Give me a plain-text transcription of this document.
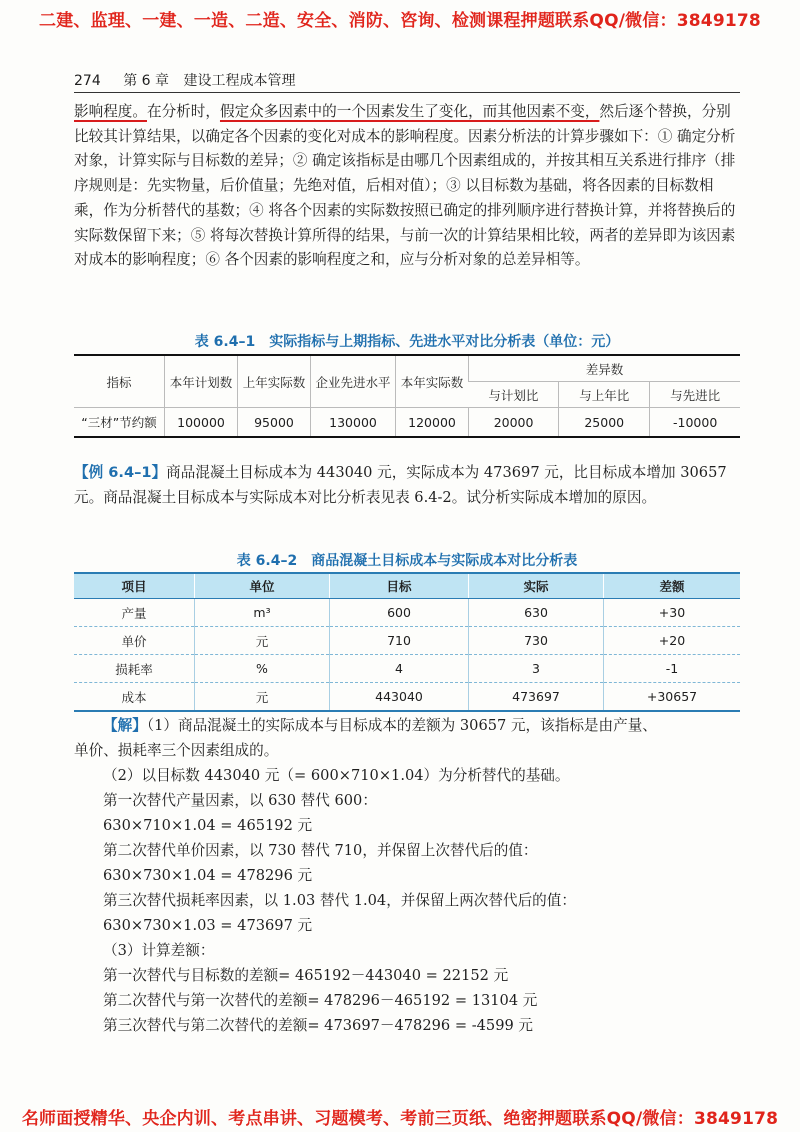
二建、监理、一建、一造、二造、安全、消防、咨询、检测课程押题联系QQ/微信：3849178
274 第 6 章 建设工程成本管理
影响程度。在分析时，假定众多因素中的一个因素发生了变化，而其他因素不变，然后逐个替换，分别比较其计算结果，以确定各个因素的变化对成本的影响程度。因素分析法的计算步骤如下：① 确定分析对象，计算实际与目标数的差异；② 确定该指标是由哪几个因素组成的，并按其相互关系进行排序（排序规则是：先实物量，后价值量；先绝对值，后相对值）；③ 以目标数为基础，将各因素的目标数相乘，作为分析替代的基数；④ 将各个因素的实际数按照已确定的排列顺序进行替换计算，并将替换后的实际数保留下来；⑤ 将每次替换计算所得的结果，与前一次的计算结果相比较，两者的差异即为该因素对成本的影响程度；⑥ 各个因素的影响程度之和，应与分析对象的总差异相等。
表 6.4–1　实际指标与上期指标、先进水平对比分析表（单位：元）
指标	本年计划数	上年实际数	企业先进水平	本年实际数	差异数		
					与计划比	与上年比	与先进比
“三材”节约额	100000	95000	130000	120000	20000	25000	-10000
【例 6.4–1】商品混凝土目标成本为 443040 元，实际成本为 473697 元，比目标成本增加 30657 元。商品混凝土目标成本与实际成本对比分析表见表 6.4-2。试分析实际成本增加的原因。
表 6.4–2　商品混凝土目标成本与实际成本对比分析表
项目	单位	目标	实际	差额
产量	m³	600	630	+30
单价	元	710	730	+20
损耗率	%	4	3	-1
成本	元	443040	473697	+30657
【解】（1）商品混凝土的实际成本与目标成本的差额为 30657 元，该指标是由产量、
单价、损耗率三个因素组成的。
（2）以目标数 443040 元（= 600×710×1.04）为分析替代的基础。
第一次替代产量因素，以 630 替代 600：
630×710×1.04 = 465192 元
第二次替代单价因素，以 730 替代 710，并保留上次替代后的值：
630×730×1.04 = 478296 元
第三次替代损耗率因素，以 1.03 替代 1.04，并保留上两次替代后的值：
630×730×1.03 = 473697 元
（3）计算差额：
第一次替代与目标数的差额= 465192－443040 = 22152 元
第二次替代与第一次替代的差额= 478296－465192 = 13104 元
第三次替代与第二次替代的差额= 473697－478296 = -4599 元
名师面授精华、央企内训、考点串讲、习题模考、考前三页纸、绝密押题联系QQ/微信：3849178
